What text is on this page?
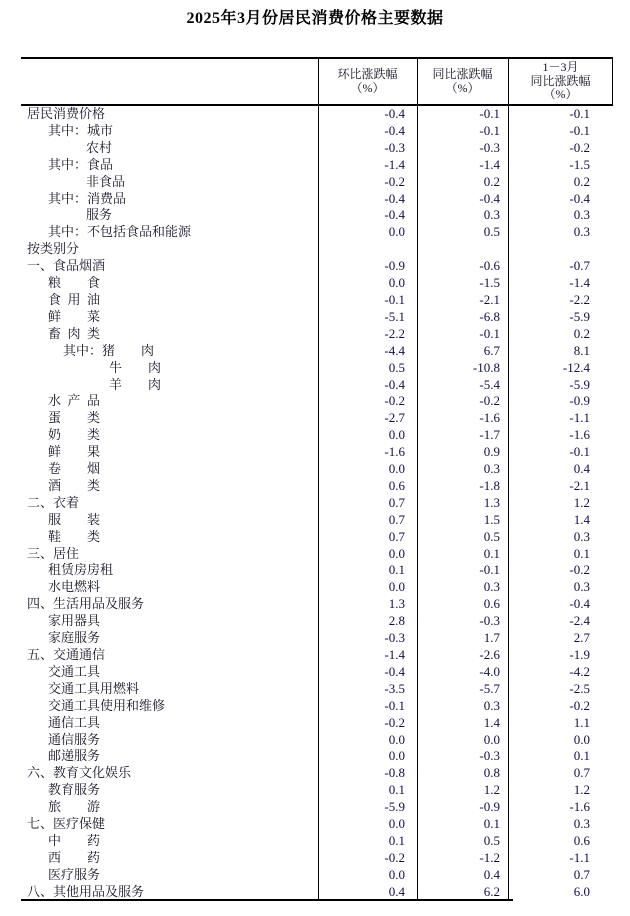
2025年3月份居民消费价格主要数据
环比涨跌幅
（%）
同比涨跌幅
（%）
1－3月
同比涨跌幅
（%）
居民消费价格	-0.4	-0.1	-0.1
其中：城市	-0.4	-0.1	-0.1
农村	-0.3	-0.3	-0.2
其中：食品	-1.4	-1.4	-1.5
非食品	-0.2	0.2	0.2
其中：消费品	-0.4	-0.4	-0.4
服务	-0.4	0.3	0.3
其中：不包括食品和能源	0.0	0.5	0.3
按类别分
一、食品烟酒	-0.9	-0.6	-0.7
粮　　食	0.0	-1.5	-1.4
食  用  油	-0.1	-2.1	-2.2
鲜　　菜	-5.1	-6.8	-5.9
畜  肉  类	-2.2	-0.1	0.2
其中：猪　　肉	-4.4	6.7	8.1
牛　　肉	0.5	-10.8	-12.4
羊　　肉	-0.4	-5.4	-5.9
水  产  品	-0.2	-0.2	-0.9
蛋　　类	-2.7	-1.6	-1.1
奶　　类	0.0	-1.7	-1.6
鲜　　果	-1.6	0.9	-0.1
卷　　烟	0.0	0.3	0.4
酒　　类	0.6	-1.8	-2.1
二、衣着	0.7	1.3	1.2
服　　装	0.7	1.5	1.4
鞋　　类	0.7	0.5	0.3
三、居住	0.0	0.1	0.1
租赁房房租	0.1	-0.1	-0.2
水电燃料	0.0	0.3	0.3
四、生活用品及服务	1.3	0.6	-0.4
家用器具	2.8	-0.3	-2.4
家庭服务	-0.3	1.7	2.7
五、交通通信	-1.4	-2.6	-1.9
交通工具	-0.4	-4.0	-4.2
交通工具用燃料	-3.5	-5.7	-2.5
交通工具使用和维修	-0.1	0.3	-0.2
通信工具	-0.2	1.4	1.1
通信服务	0.0	0.0	0.0
邮递服务	0.0	-0.3	0.1
六、教育文化娱乐	-0.8	0.8	0.7
教育服务	0.1	1.2	1.2
旅　　游	-5.9	-0.9	-1.6
七、医疗保健	0.0	0.1	0.3
中　　药	0.1	0.5	0.6
西　　药	-0.2	-1.2	-1.1
医疗服务	0.0	0.4	0.7
八、其他用品及服务	0.4	6.2	6.0
